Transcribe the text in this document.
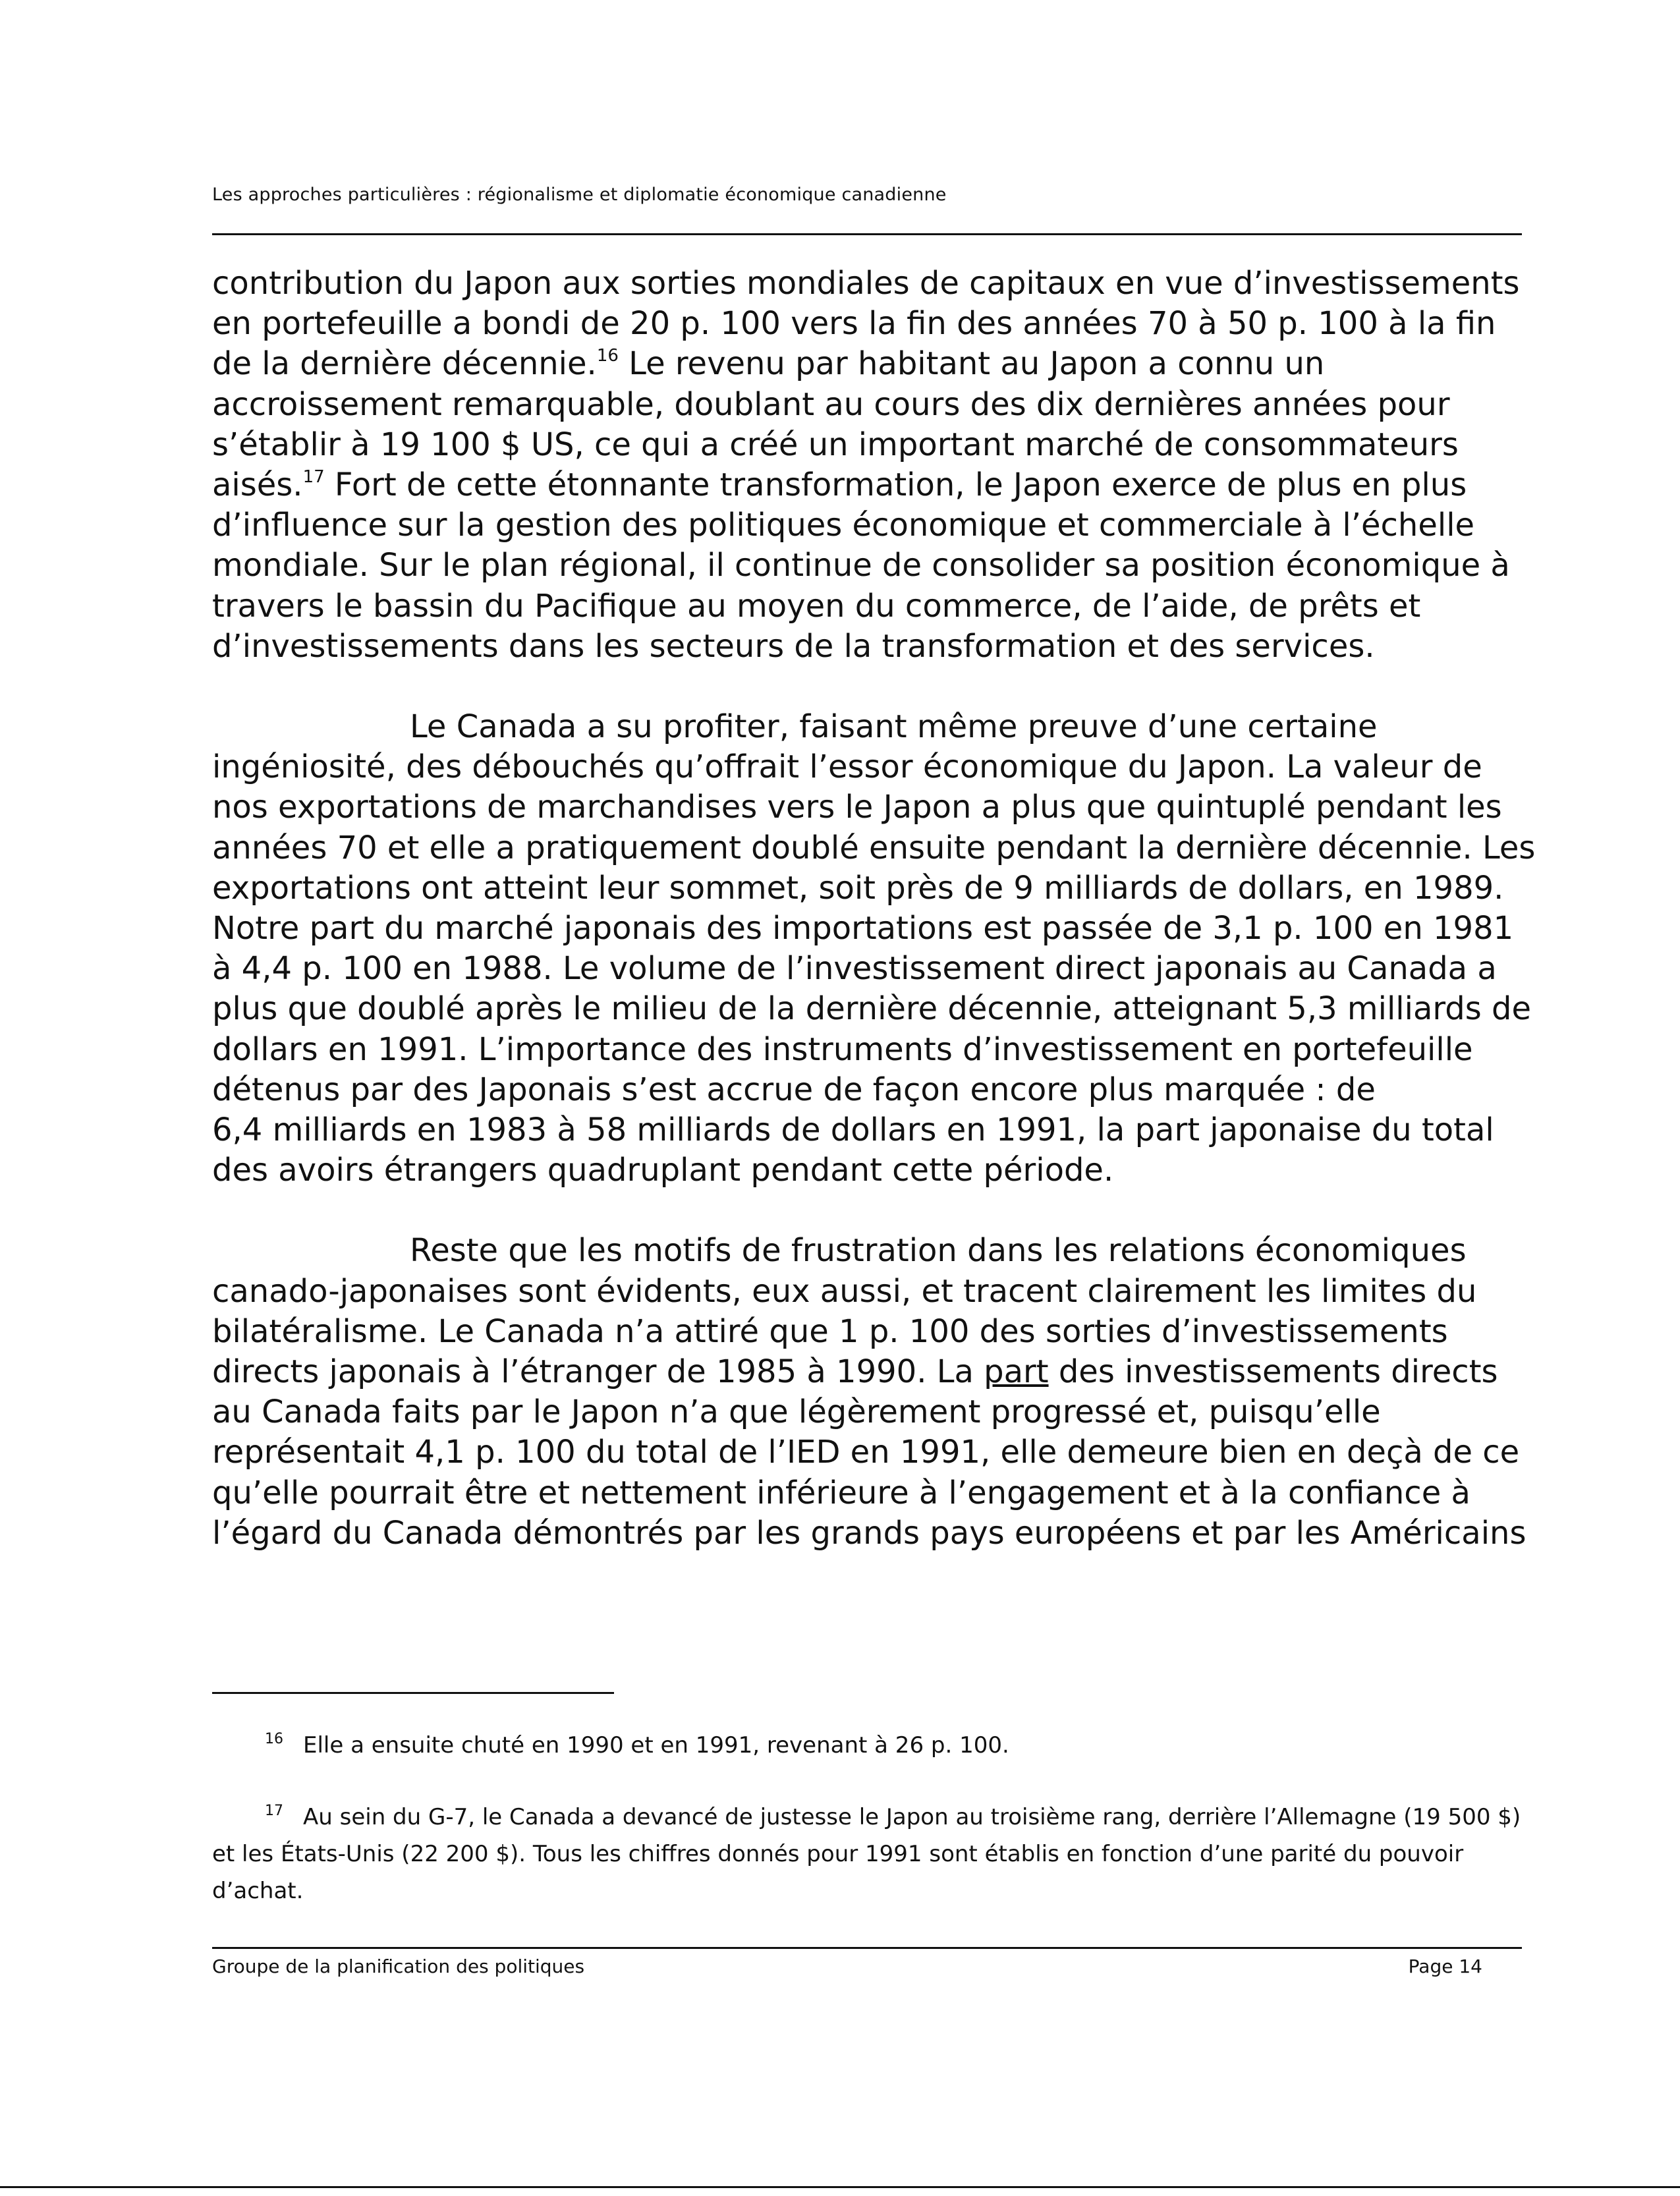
Les approches particulières : régionalisme et diplomatie économique canadienne

contribution du Japon aux sorties mondiales de capitaux en vue d’investissements
en portefeuille a bondi de 20 p. 100 vers la fin des années 70 à 50 p. 100 à la fin
de la dernière décennie.$^{16}$ Le revenu par habitant au Japon a connu un
accroissement remarquable, doublant au cours des dix dernières années pour
s’établir à 19 100 $ US, ce qui a créé un important marché de consommateurs
aisés.$^{17}$ Fort de cette étonnante transformation, le Japon exerce de plus en plus
d’influence sur la gestion des politiques économique et commerciale à l’échelle
mondiale. Sur le plan régional, il continue de consolider sa position économique à
travers le bassin du Pacifique au moyen du commerce, de l’aide, de prêts et
d’investissements dans les secteurs de la transformation et des services.

Le Canada a su profiter, faisant même preuve d’une certaine
ingéniosité, des débouchés qu’offrait l’essor économique du Japon. La valeur de
nos exportations de marchandises vers le Japon a plus que quintuplé pendant les
années 70 et elle a pratiquement doublé ensuite pendant la dernière décennie. Les
exportations ont atteint leur sommet, soit près de 9 milliards de dollars, en 1989.
Notre part du marché japonais des importations est passée de 3,1 p. 100 en 1981
à 4,4 p. 100 en 1988. Le volume de l’investissement direct japonais au Canada a
plus que doublé après le milieu de la dernière décennie, atteignant 5,3 milliards de
dollars en 1991. L’importance des instruments d’investissement en portefeuille
détenus par des Japonais s’est accrue de façon encore plus marquée : de
6,4 milliards en 1983 à 58 milliards de dollars en 1991, la part japonaise du total
des avoirs étrangers quadruplant pendant cette période.

Reste que les motifs de frustration dans les relations économiques
canado-japonaises sont évidents, eux aussi, et tracent clairement les limites du
bilatéralisme. Le Canada n’a attiré que 1 p. 100 des sorties d’investissements
directs japonais à l’étranger de 1985 à 1990. La part des investissements directs
au Canada faits par le Japon n’a que légèrement progressé et, puisqu’elle
représentait 4,1 p. 100 du total de l’IED en 1991, elle demeure bien en deçà de ce
qu’elle pourrait être et nettement inférieure à l’engagement et à la confiance à
l’égard du Canada démontrés par les grands pays européens et par les Américains

$^{16}$ Elle a ensuite chuté en 1990 et en 1991, revenant à 26 p. 100.

$^{17}$ Au sein du G-7, le Canada a devancé de justesse le Japon au troisième rang, derrière l’Allemagne (19 500 $) et les États-Unis (22 200 $). Tous les chiffres donnés pour 1991 sont établis en fonction d’une parité du pouvoir d’achat.

Groupe de la planification des politiques	Page 14
